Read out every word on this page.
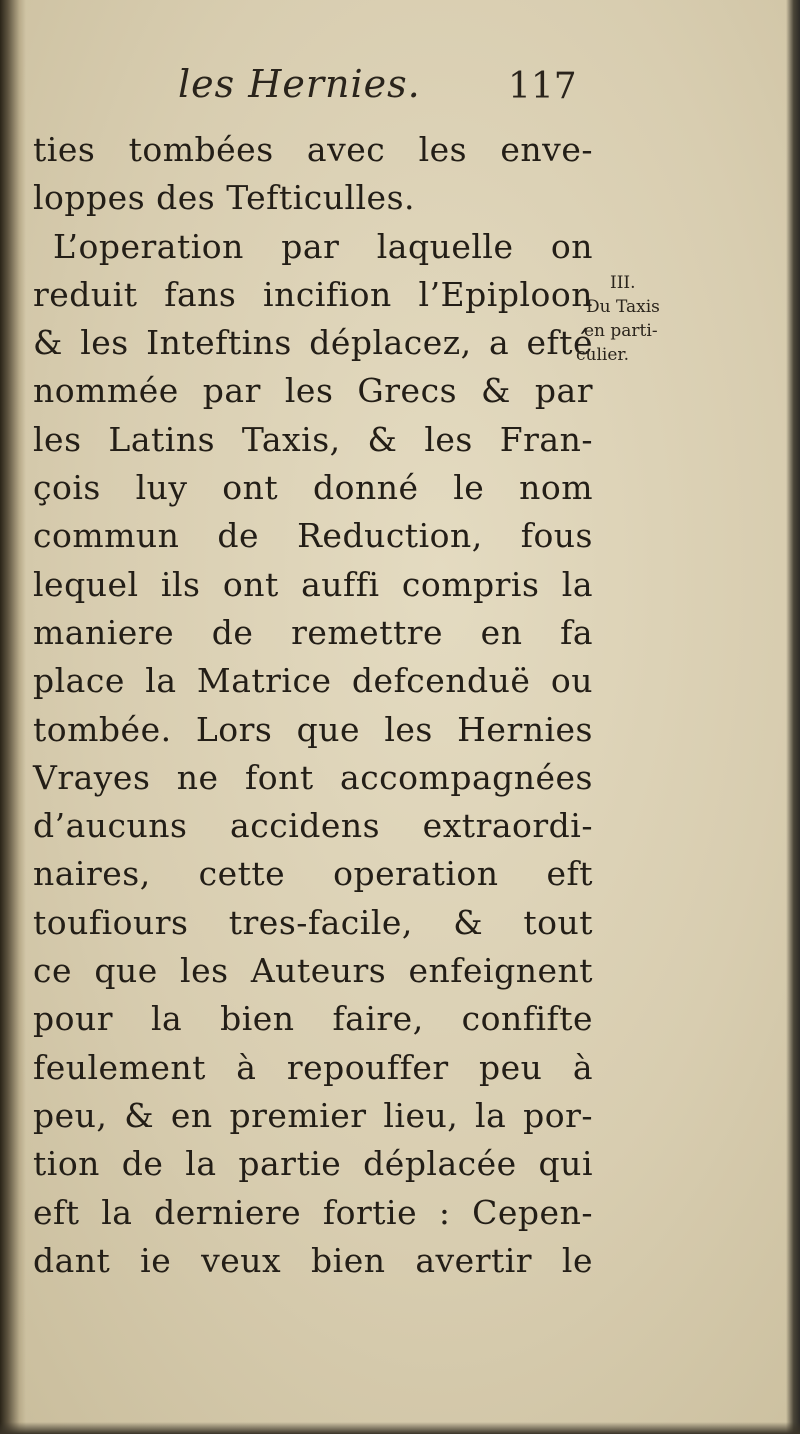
les Hernies. 117
ties tombées avec les enve-
loppes des Tefticulles.
L’operation par laquelle on
reduit fans incifion l’Epiploon
& les Inteftins déplacez, a efté
nommée par les Grecs & par
les Latins Taxis, & les Fran-
çois luy ont donné le nom
commun de Reduction, fous
lequel ils ont auffi compris la
maniere de remettre en fa
place la Matrice defcenduë ou
tombée. Lors que les Hernies
Vrayes ne font accompagnées
d’aucuns accidens extraordi-
naires, cette operation eft
toufiours tres-facile, & tout
ce que les Auteurs enfeignent
pour la bien faire, confifte
feulement à repouffer peu à
peu, & en premier lieu, la por-
tion de la partie déplacée qui
eft la derniere fortie : Cepen-
dant ie veux bien avertir le
III.
Du Taxis
en parti-
culier.
